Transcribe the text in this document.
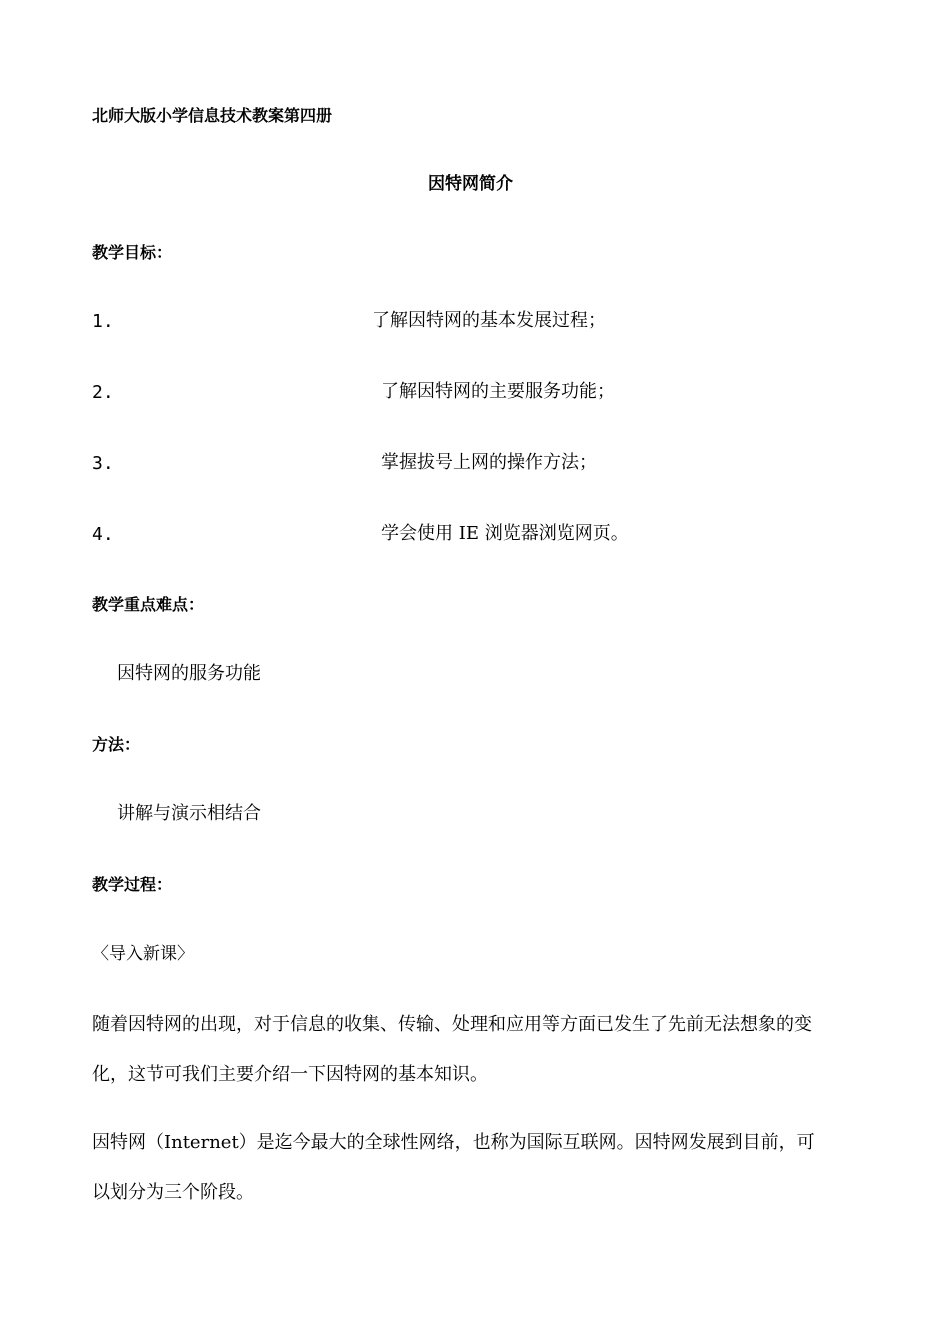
北师大版小学信息技术教案第四册
因特网简介
教学目标：
1.	了解因特网的基本发展过程；
2.	了解因特网的主要服务功能；
3.	掌握拔号上网的操作方法；
4.	学会使用 IE 浏览器浏览网页。
教学重点难点：
因特网的服务功能
方法：
讲解与演示相结合
教学过程：
〈导入新课〉
随着因特网的出现，对于信息的收集、传输、处理和应用等方面已发生了先前无法想象的变
化，这节可我们主要介绍一下因特网的基本知识。
因特网（Internet）是迄今最大的全球性网络，也称为国际互联网。因特网发展到目前，可
以划分为三个阶段。
